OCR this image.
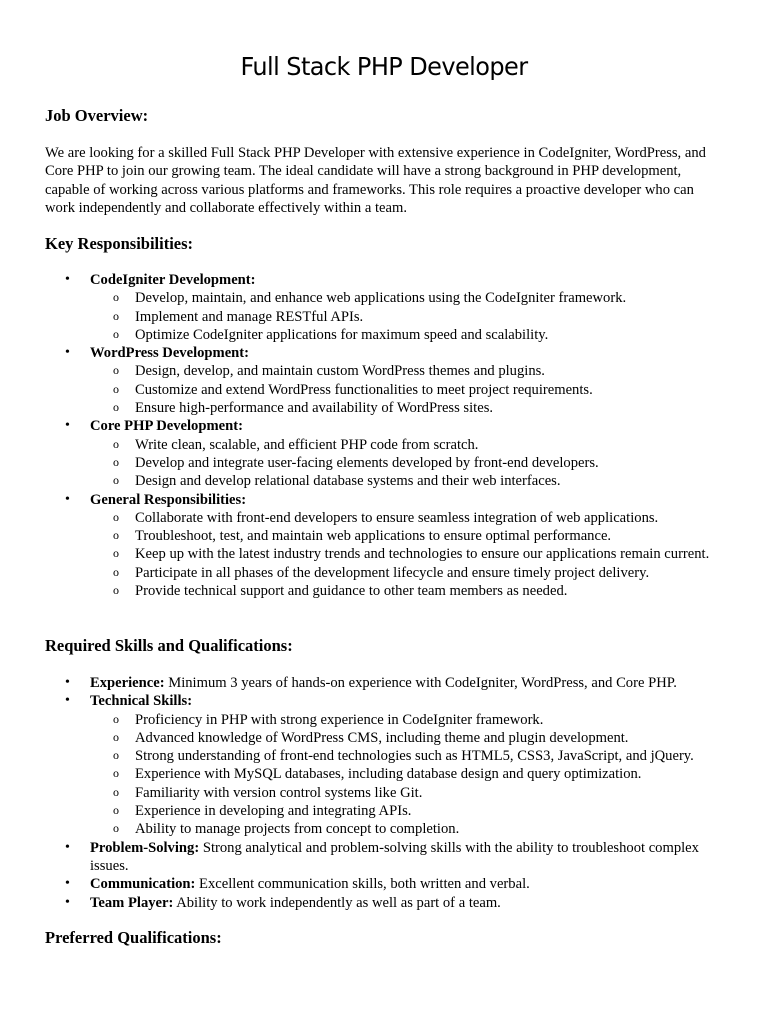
Full Stack PHP Developer
Job Overview:
We are looking for a skilled Full Stack PHP Developer with extensive experience in CodeIgniter, WordPress, and Core PHP to join our growing team. The ideal candidate will have a strong background in PHP development, capable of working across various platforms and frameworks. This role requires a proactive developer who can work independently and collaborate effectively within a team.
Key Responsibilities:
• CodeIgniter Development:
o Develop, maintain, and enhance web applications using the CodeIgniter framework.
o Implement and manage RESTful APIs.
o Optimize CodeIgniter applications for maximum speed and scalability.
• WordPress Development:
o Design, develop, and maintain custom WordPress themes and plugins.
o Customize and extend WordPress functionalities to meet project requirements.
o Ensure high-performance and availability of WordPress sites.
• Core PHP Development:
o Write clean, scalable, and efficient PHP code from scratch.
o Develop and integrate user-facing elements developed by front-end developers.
o Design and develop relational database systems and their web interfaces.
• General Responsibilities:
o Collaborate with front-end developers to ensure seamless integration of web applications.
o Troubleshoot, test, and maintain web applications to ensure optimal performance.
o Keep up with the latest industry trends and technologies to ensure our applications remain current.
o Participate in all phases of the development lifecycle and ensure timely project delivery.
o Provide technical support and guidance to other team members as needed.
Required Skills and Qualifications:
• Experience: Minimum 3 years of hands-on experience with CodeIgniter, WordPress, and Core PHP.
• Technical Skills:
o Proficiency in PHP with strong experience in CodeIgniter framework.
o Advanced knowledge of WordPress CMS, including theme and plugin development.
o Strong understanding of front-end technologies such as HTML5, CSS3, JavaScript, and jQuery.
o Experience with MySQL databases, including database design and query optimization.
o Familiarity with version control systems like Git.
o Experience in developing and integrating APIs.
o Ability to manage projects from concept to completion.
• Problem-Solving: Strong analytical and problem-solving skills with the ability to troubleshoot complex issues.
• Communication: Excellent communication skills, both written and verbal.
• Team Player: Ability to work independently as well as part of a team.
Preferred Qualifications:
